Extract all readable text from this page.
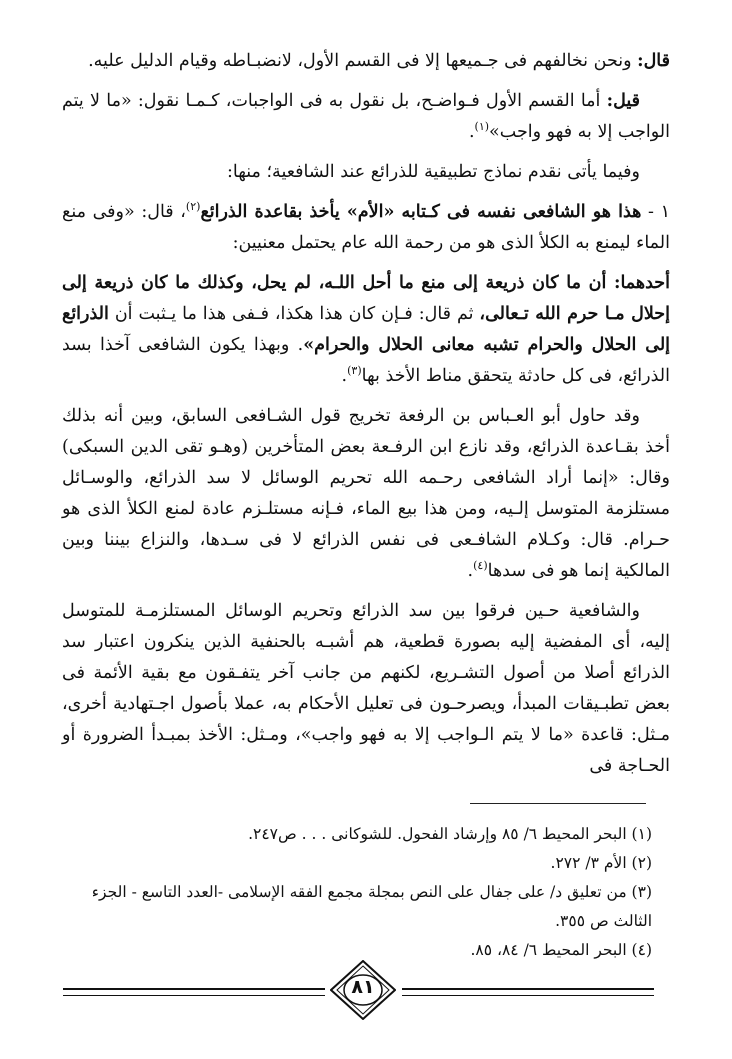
قال: ونحن نخالفهم فى جـميعها إلا فى القسم الأول، لانضبـاطه وقيام الدليل عليه.

قيل: أما القسم الأول فـواضـح، بل نقول به فى الواجبات، كـمـا نقول: «ما لا يتم الواجب إلا به فهو واجب»$^{(١)}$.

وفيما يأتى نقدم نماذج تطبيقية للذرائع عند الشافعية؛ منها:

١ - هذا هو الشافعى نفسه فى كـتابه «الأم» يأخذ بقاعدة الذرائع$^{(٢)}$، قال: «وفى منع الماء ليمنع به الكلأ الذى هو من رحمة الله عام يحتمل معنيين:

أحدهما: أن ما كان ذريعة إلى منع ما أحل اللـه، لم يحل، وكذلك ما كان ذريعة إلى إحلال مـا حرم الله تـعالى، ثم قال: فـإن كان هذا هكذا، فـفى هذا ما يـثبت أن الذرائع إلى الحلال والحرام تشبه معانى الحلال والحرام». وبهذا يكون الشافعى آخذا بسد الذرائع، فى كل حادثة يتحقق مناط الأخذ بها$^{(٣)}$.

وقد حاول أبو العـباس بن الرفعة تخريج قول الشـافعى السابق، وبين أنه بذلك أخذ بقـاعدة الذرائع، وقد نازع ابن الرفـعة بعض المتأخرين (وهـو تقى الدين السبكى) وقال: «إنما أراد الشافعى رحـمه الله تحريم الوسائل لا سد الذرائع، والوسـائل مستلزمة المتوسل إلـيه، ومن هذا بيع الماء، فـإنه مستلـزم عادة لمنع الكلأ الذى هو حـرام. قال: وكـلام الشافـعى فى نفس الذرائع لا فى سـدها، والنزاع بيننا وبين المالكية إنما هو فى سدها$^{(٤)}$.

والشافعية حـين فرقوا بين سد الذرائع وتحريم الوسائل المستلزمـة للمتوسل إليه، أى المفضية إليه بصورة قطعية، هم أشبـه بالحنفية الذين ينكرون اعتبار سد الذرائع أصلا من أصول التشـريع، لكنهم من جانب آخر يتفـقون مع بقية الأئمة فى بعض تطبـيقات المبدأ، ويصرحـون فى تعليل الأحكام به، عملا بأصول اجـتهادية أخرى، مـثل: قاعدة «ما لا يتم الـواجب إلا به فهو واجب»، ومـثل: الأخذ بمبـدأ الضرورة أو الحـاجة فى

(١) البحر المحيط ٦/ ٨٥ وإرشاد الفحول. للشوكانى . . . ص٢٤٧.

(٢) الأم ٣/ ٢٧٢.

(٣) من تعليق د/ على جفال على النص بمجلة مجمع الفقه الإسلامى -العدد التاسع - الجزء الثالث ص ٣٥٥.

(٤) البحر المحيط ٦/ ٨٤، ٨٥.

٨١
